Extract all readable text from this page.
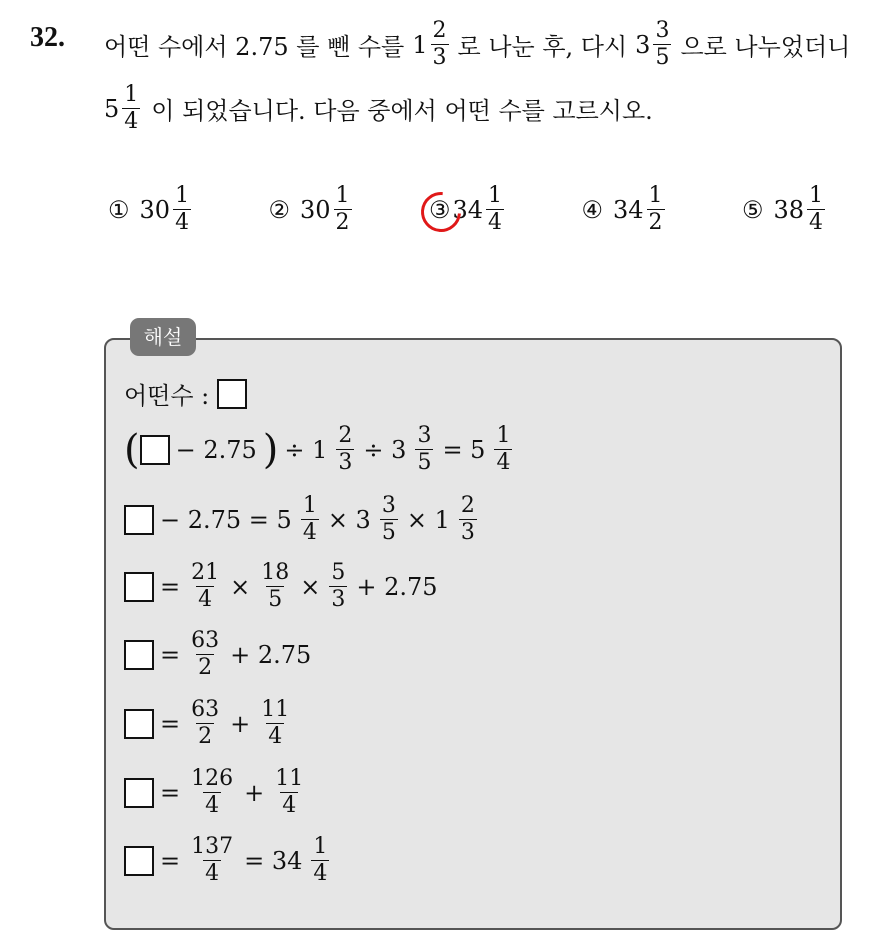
32. 어떤 수에서 2.75 를 뺀 수를 $1 \frac{2}{3}$ 로 나눈 후, 다시 $3 \frac{3}{5}$ 으로 나누었더니
$5 \frac{1}{4}$ 이 되었습니다. 다음 중에서 어떤 수를 고르시오.
① $30 \frac{1}{4}$	② $30 \frac{1}{2}$	③ $34 \frac{1}{4}$	④ $34 \frac{1}{2}$	⑤ $38 \frac{1}{4}$
해설
어떤수 :
( − 2.75 ) ÷ $1 \frac{2}{3} \div 3 \frac{3}{5} = 5 \frac{1}{4}$
− $2.75 = 5 \frac{1}{4} \times 3 \frac{3}{5} \times 1 \frac{2}{3}$
= $\frac{21}{4} \times \frac{18}{5} \times \frac{5}{3} + 2.75$
= $\frac{63}{2} + 2.75$
= $\frac{63}{2} + \frac{11}{4}$
= $\frac{126}{4} + \frac{11}{4}$
= $\frac{137}{4} = 34 \frac{1}{4}$
